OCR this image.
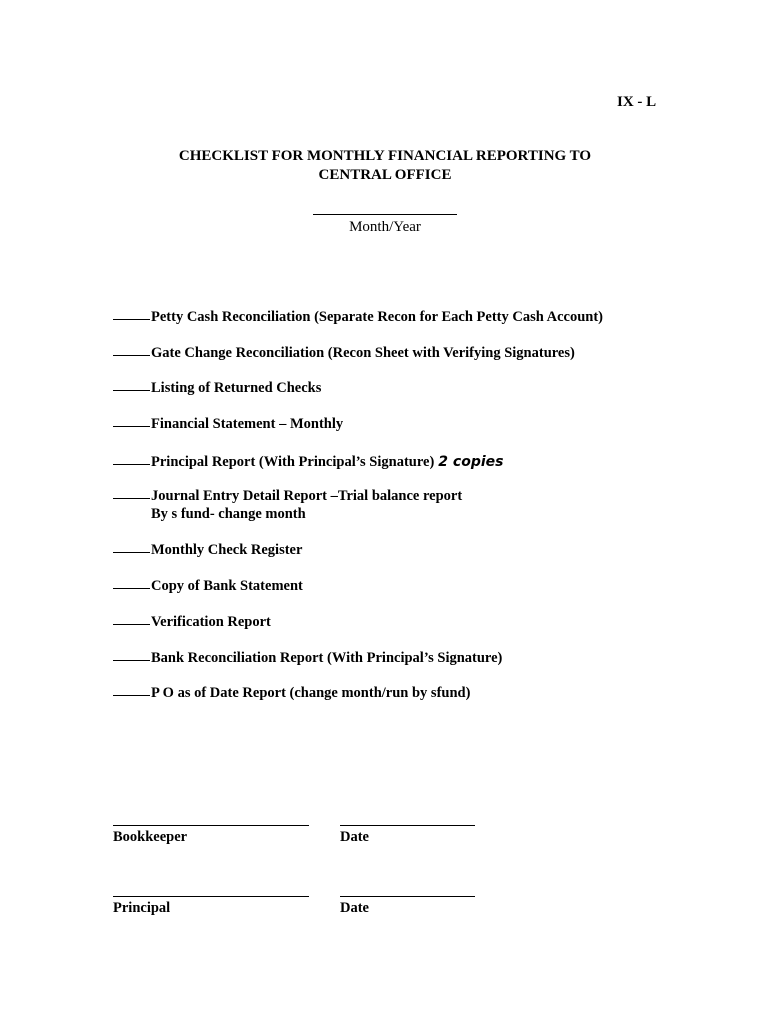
IX - L
CHECKLIST FOR MONTHLY FINANCIAL REPORTING TO
CENTRAL OFFICE
Month/Year
Petty Cash Reconciliation (Separate Recon for Each Petty Cash Account)
Gate Change Reconciliation (Recon Sheet with Verifying Signatures)
Listing of Returned Checks
Financial Statement – Monthly
Principal Report (With Principal’s Signature) 2 copies
Journal Entry Detail Report –Trial balance report
By s fund- change month
Monthly Check Register
Copy of Bank Statement
Verification Report
Bank Reconciliation Report (With Principal’s Signature)
P O as of Date Report (change month/run by sfund)
Bookkeeper	Date
Principal	Date
